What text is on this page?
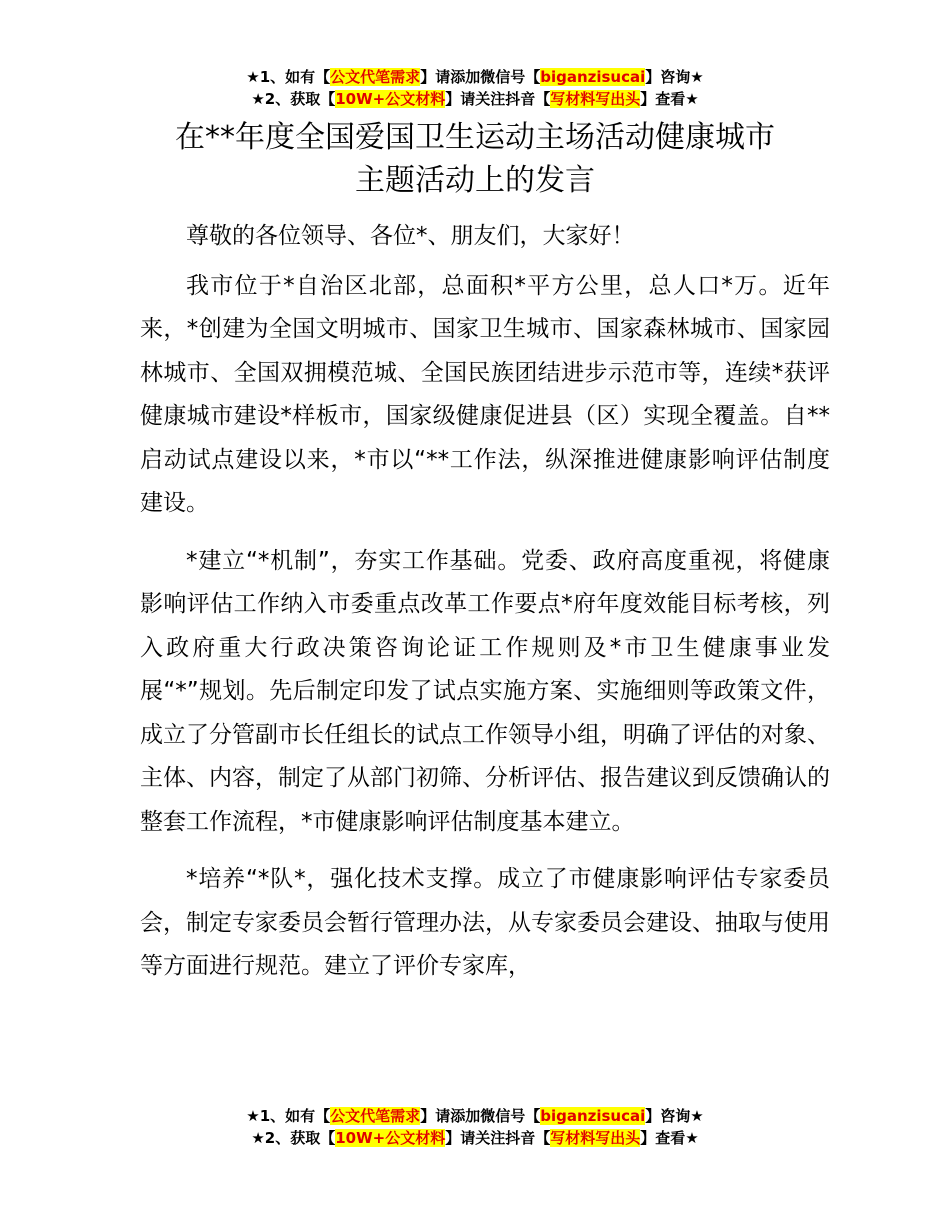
★1、如有【公文代笔需求】请添加微信号【biganzisucai】咨询★
★2、获取【10W+公文材料】请关注抖音【写材料写出头】查看★
在**年度全国爱国卫生运动主场活动健康城市
主题活动上的发言

尊敬的各位领导、各位*、朋友们，大家好！

我市位于*自治区北部，总面积*平方公里，总人口*万。近年来，*创建为全国文明城市、国家卫生城市、国家森林城市、国家园林城市、全国双拥模范城、全国民族团结进步示范市等，连续*获评健康城市建设*样板市，国家级健康促进县（区）实现全覆盖。自**启动试点建设以来，*市以“**工作法，纵深推进健康影响评估制度建设。

*建立“*机制”，夯实工作基础。党委、政府高度重视，将健康影响评估工作纳入市委重点改革工作要点*府年度效能目标考核，列入政府重大行政决策咨询论证工作规则及*市卫生健康事业发展“*”规划。先后制定印发了试点实施方案、实施细则等政策文件，成立了分管副市长任组长的试点工作领导小组，明确了评估的对象、主体、内容，制定了从部门初筛、分析评估、报告建议到反馈确认的整套工作流程，*市健康影响评估制度基本建立。

*培养“*队*，强化技术支撑。成立了市健康影响评估专家委员会，制定专家委员会暂行管理办法，从专家委员会建设、抽取与使用等方面进行规范。建立了评价专家库，

★1、如有【公文代笔需求】请添加微信号【biganzisucai】咨询★
★2、获取【10W+公文材料】请关注抖音【写材料写出头】查看★
